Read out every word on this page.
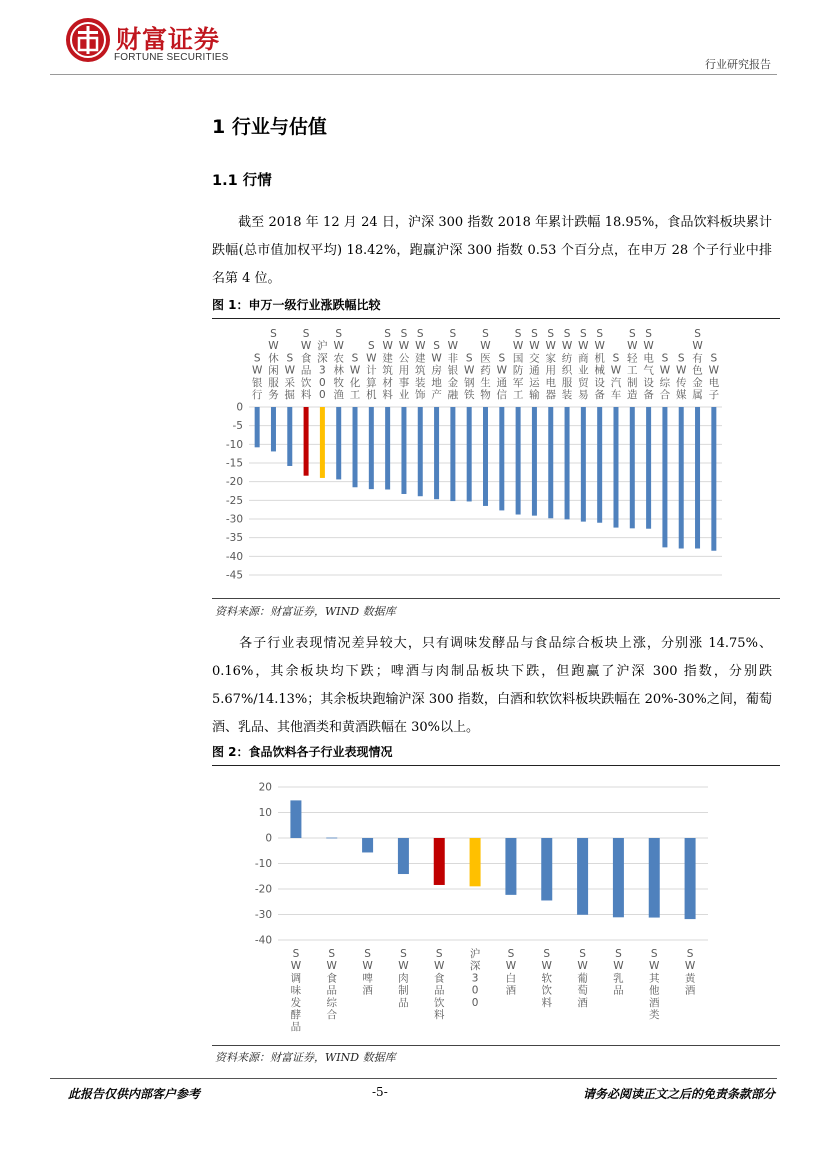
财富证券
FORTUNE SECURITIES
行业研究报告
1 行业与估值
1.1 行情
截至 2018 年 12 月 24 日，沪深 300 指数 2018 年累计跌幅 18.95%，食品饮料板块累计跌幅(总市值加权平均) 18.42%，跑赢沪深 300 指数 0.53 个百分点，在申万 28 个子行业中排名第 4 位。
图 1：申万一级行业涨跌幅比较
0
-5
-10
-15
-20
-25
-30
-35
-40
-45
S W 银行
S W 休闲服务
S W 采掘
S W 食品饮料
沪深 3 0 0
S W 农林牧渔
S W 化工
S W 计算机
S W 建筑材料
S W 公用事业
S W 建筑装饰
S W 房地产
S W 非银金融
S W 钢铁
S W 医药生物
S W 通信
S W 国防军工
S W 交通运输
S W 家用电器
S W 纺织服装
S W 商业贸易
S W 机械设备
S W 汽车
S W 轻工制造
S W 电气设备
S W 综合
S W 传媒
S W 有色金属
S W 电子
资料来源：财富证券，WIND 数据库
各子行业表现情况差异较大，只有调味发酵品与食品综合板块上涨，分别涨 14.75%、0.16%，其余板块均下跌；啤酒与肉制品板块下跌，但跑赢了沪深 300 指数，分别跌 5.67%/14.13%；其余板块跑输沪深 300 指数，白酒和软饮料板块跌幅在 20%-30%之间，葡萄酒、乳品、其他酒类和黄酒跌幅在 30%以上。
图 2：食品饮料各子行业表现情况
20
10
0
-10
-20
-30
-40
S W 调味发酵品
S W 食品综合
S W 啤酒
S W 肉制品
S W 食品饮料
沪深 3 0 0
S W 白酒
S W 软饮料
S W 葡萄酒
S W 乳品
S W 其他酒类
S W 黄酒
资料来源：财富证券，WIND 数据库
此报告仅供内部客户参考	-5-	请务必阅读正文之后的免责条款部分
